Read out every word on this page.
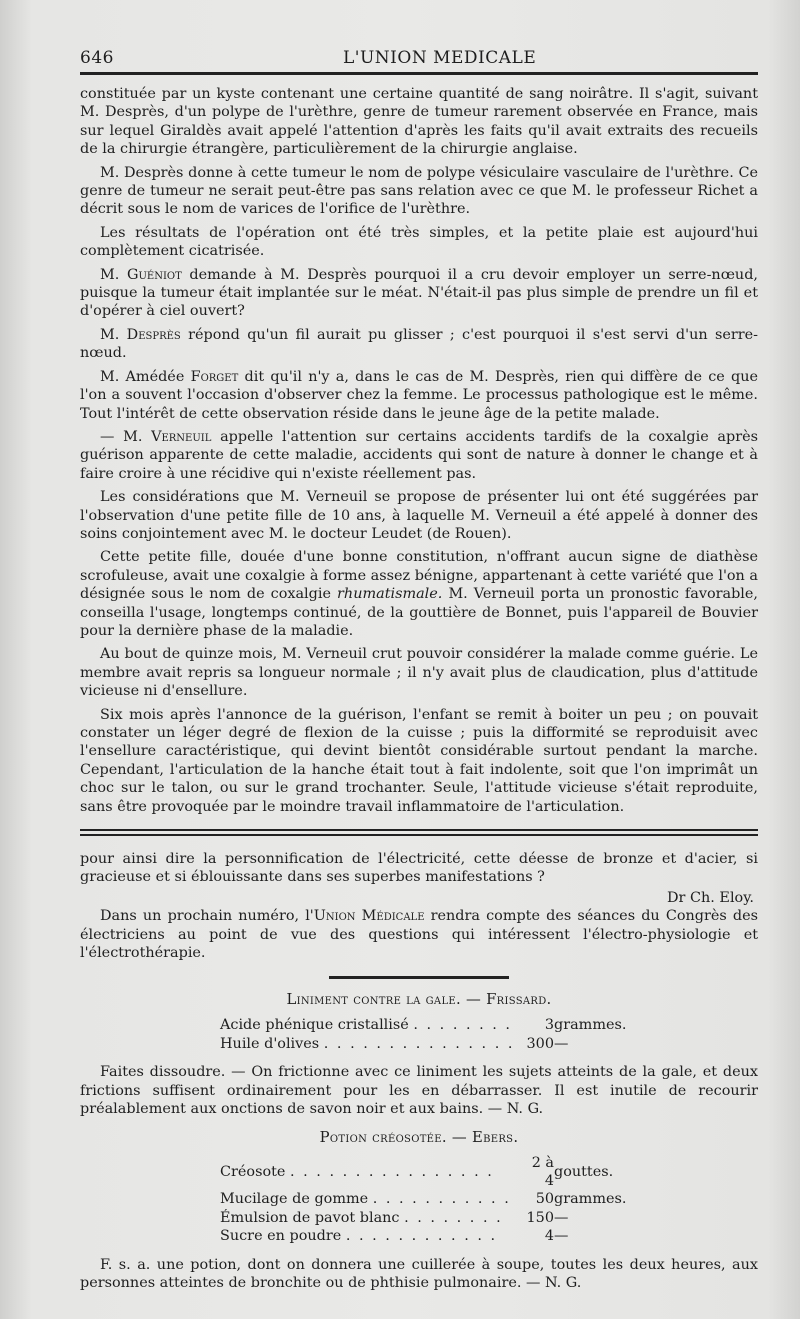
646	L'UNION MEDICALE

constituée par un kyste contenant une certaine quantité de sang noirâtre. Il s'agit, suivant M. Desprès, d'un polype de l'urèthre, genre de tumeur rarement observée en France, mais sur lequel Giraldès avait appelé l'attention d'après les faits qu'il avait extraits des recueils de la chirurgie étrangère, particulièrement de la chirurgie anglaise.

M. Desprès donne à cette tumeur le nom de polype vésiculaire vasculaire de l'urèthre. Ce genre de tumeur ne serait peut-être pas sans relation avec ce que M. le professeur Richet a décrit sous le nom de varices de l'orifice de l'urèthre.

Les résultats de l'opération ont été très simples, et la petite plaie est aujourd'hui complètement cicatrisée.

M. Guéniot demande à M. Desprès pourquoi il a cru devoir employer un serre-nœud, puisque la tumeur était implantée sur le méat. N'était-il pas plus simple de prendre un fil et d'opérer à ciel ouvert?

M. Desprès répond qu'un fil aurait pu glisser ; c'est pourquoi il s'est servi d'un serre-nœud.

M. Amédée Forget dit qu'il n'y a, dans le cas de M. Desprès, rien qui diffère de ce que l'on a souvent l'occasion d'observer chez la femme. Le processus pathologique est le même. Tout l'intérêt de cette observation réside dans le jeune âge de la petite malade.

— M. Verneuil appelle l'attention sur certains accidents tardifs de la coxalgie après guérison apparente de cette maladie, accidents qui sont de nature à donner le change et à faire croire à une récidive qui n'existe réellement pas.

Les considérations que M. Verneuil se propose de présenter lui ont été suggérées par l'observation d'une petite fille de 10 ans, à laquelle M. Verneuil a été appelé à donner des soins conjointement avec M. le docteur Leudet (de Rouen).

Cette petite fille, douée d'une bonne constitution, n'offrant aucun signe de diathèse scrofuleuse, avait une coxalgie à forme assez bénigne, appartenant à cette variété que l'on a désignée sous le nom de coxalgie rhumatismale. M. Verneuil porta un pronostic favorable, conseilla l'usage, longtemps continué, de la gouttière de Bonnet, puis l'appareil de Bouvier pour la dernière phase de la maladie.

Au bout de quinze mois, M. Verneuil crut pouvoir considérer la malade comme guérie. Le membre avait repris sa longueur normale ; il n'y avait plus de claudication, plus d'attitude vicieuse ni d'ensellure.

Six mois après l'annonce de la guérison, l'enfant se remit à boiter un peu ; on pouvait constater un léger degré de flexion de la cuisse ; puis la difformité se reproduisit avec l'ensellure caractéristique, qui devint bientôt considérable surtout pendant la marche. Cependant, l'articulation de la hanche était tout à fait indolente, soit que l'on imprimât un choc sur le talon, ou sur le grand trochanter. Seule, l'attitude vicieuse s'était reproduite, sans être provoquée par le moindre travail inflammatoire de l'articulation.

pour ainsi dire la personnification de l'électricité, cette déesse de bronze et d'acier, si gracieuse et si éblouissante dans ses superbes manifestations ?

Dr Ch. Eloy.

Dans un prochain numéro, l'Union Médicale rendra compte des séances du Congrès des électriciens au point de vue des questions qui intéressent l'électro-physiologie et l'électrothérapie.

Liniment contre la gale. — Frissard.
Acide phénique cristallisé . . . . . . . .	3	grammes.
Huile d'olives . . . . . . . . . . . . . . .	300	—

Faites dissoudre. — On frictionne avec ce liniment les sujets atteints de la gale, et deux frictions suffisent ordinairement pour les en débarrasser. Il est inutile de recourir préalablement aux onctions de savon noir et aux bains. — N. G.

Potion créosotée. — Ebers.
Créosote . . . . . . . . . . . . . . . .	2 à 4	gouttes.
Mucilage de gomme . . . . . . . . . . .	50	grammes.
Émulsion de pavot blanc . . . . . . . .	150	—
Sucre en poudre . . . . . . . . . . . .	4	—

F. s. a. une potion, dont on donnera une cuillerée à soupe, toutes les deux heures, aux personnes atteintes de bronchite ou de phthisie pulmonaire. — N. G.
